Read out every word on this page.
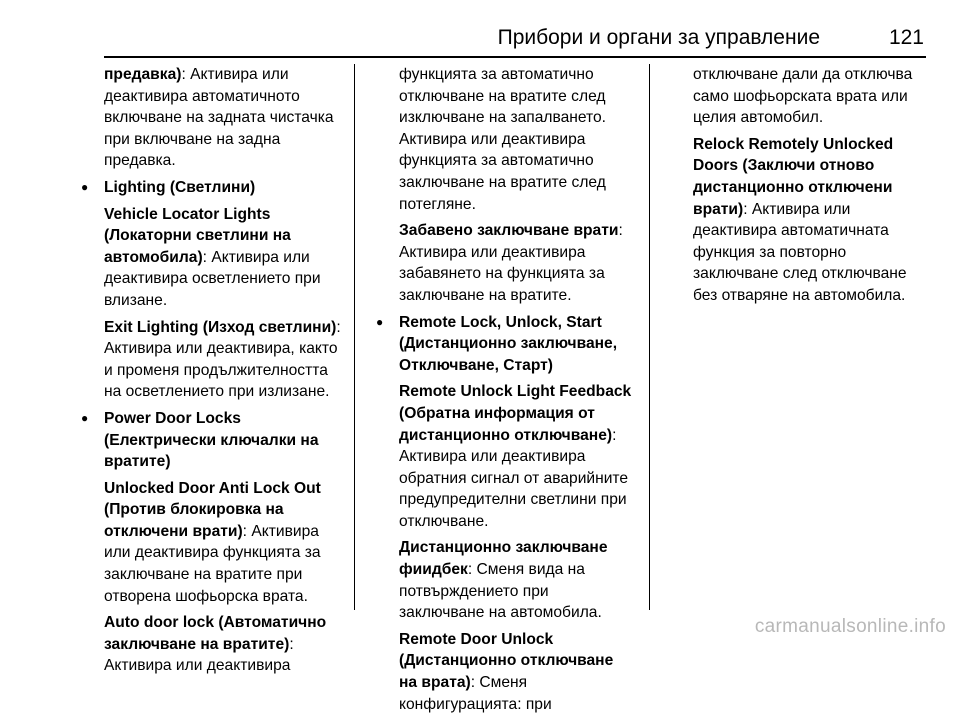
Прибори и органи за управление	121

предавка): Активира или деактивира автоматичното включване на задната чистачка при включване на задна предавка.

● Lighting (Светлини)

Vehicle Locator Lights (Локаторни светлини на автомобила): Активира или деактивира осветлението при влизане.

Exit Lighting (Изход светлини): Активира или деактивира, както и променя продължителността на осветлението при излизане.

● Power Door Locks (Електрически ключалки на вратите)

Unlocked Door Anti Lock Out (Против блокировка на отключени врати): Активира или деактивира функцията за заключване на вратите при отворена шофьорска врата.

Auto door lock (Автоматично заключване на вратите): Активира или деактивира

функцията за автоматично отключване на вратите след изключване на запалването. Активира или деактивира функцията за автоматично заключване на вратите след потегляне.

Забавено заключване врати: Активира или деактивира забавянето на функцията за заключване на вратите.

● Remote Lock, Unlock, Start (Дистанционно заключване, Отключване, Старт)

Remote Unlock Light Feedback (Обратна информация от дистанционно отключване): Активира или деактивира обратния сигнал от аварийните предупредителни светлини при отключване.

Дистанционно заключване фиидбек: Сменя вида на потвърждението при заключване на автомобила.

Remote Door Unlock (Дистанционно отключване на врата): Сменя конфигурацията: при

отключване дали да отключва само шофьорската врата или целия автомобил.

Relock Remotely Unlocked Doors (Заключи отново дистанционно отключени врати): Активира или деактивира автоматичната функция за повторно заключване след отключване без отваряне на автомобила.

carmanualsonline.info
